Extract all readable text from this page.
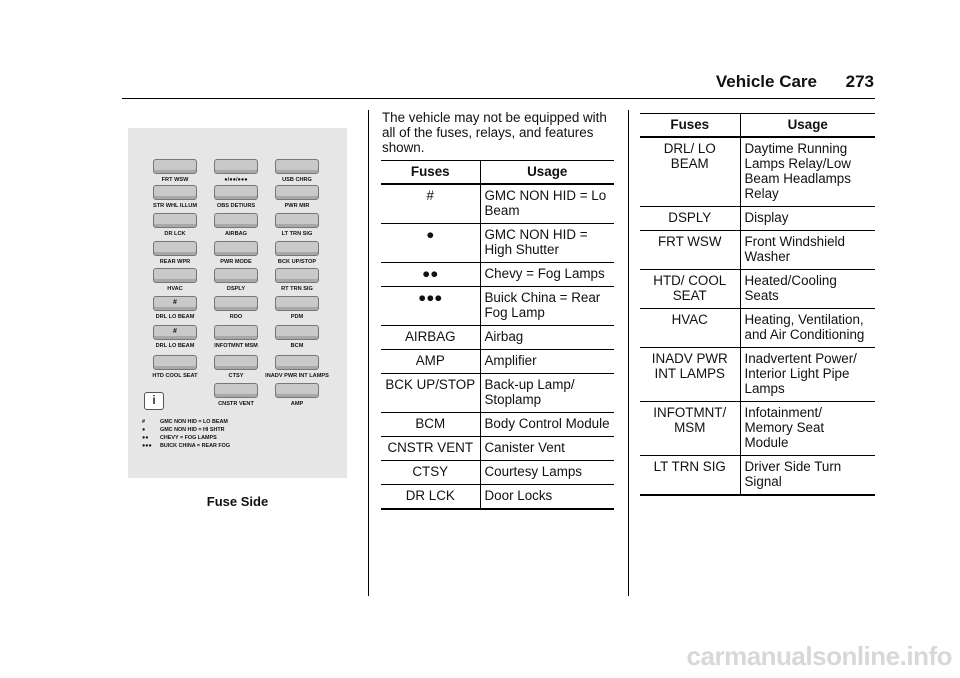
Vehicle Care 273
i
#	GMC NON HID = LO BEAM
●	GMC NON HID = HI SHTR
●● CHEVY = FOG LAMPS
●●● BUICK CHINA = REAR FOG
FRT WSW	●/●●/●●●	USB CHRG
STR WHL ILLUM	OBS DET/URS	PWR MIR
DR LCK	AIRBAG	LT TRN SIG
REAR WPR	PWR MODE	BCK UP/STOP
HVAC	DSPLY	RT TRN SIG
DRL LO BEAM	RDO	PDM
DRL LO BEAM	INFOTMNT MSM	BCM
HTD COOL SEAT	CTSY	INADV PWR INT LAMPS
CNSTR VENT	AMP
#
#
Fuse Side
The vehicle may not be equipped with all of the fuses, relays, and features shown.
Fuses	Usage
#	GMC NON HID = Lo Beam
●	GMC NON HID = High Shutter
●●	Chevy = Fog Lamps
●●●	Buick China = Rear Fog Lamp
AIRBAG	Airbag
AMP	Amplifier
BCK UP/STOP	Back-up Lamp/ Stoplamp
BCM	Body Control Module
CNSTR VENT	Canister Vent
CTSY	Courtesy Lamps
DR LCK	Door Locks
Fuses	Usage
DRL/ LO BEAM	Daytime Running Lamps Relay/Low Beam Headlamps Relay
DSPLY	Display
FRT WSW	Front Windshield Washer
HTD/ COOL SEAT	Heated/Cooling Seats
HVAC	Heating, Ventilation, and Air Conditioning
INADV PWR INT LAMPS	Inadvertent Power/ Interior Light Pipe Lamps
INFOTMNT/ MSM	Infotainment/ Memory Seat Module
LT TRN SIG	Driver Side Turn Signal
carmanualsonline.info
